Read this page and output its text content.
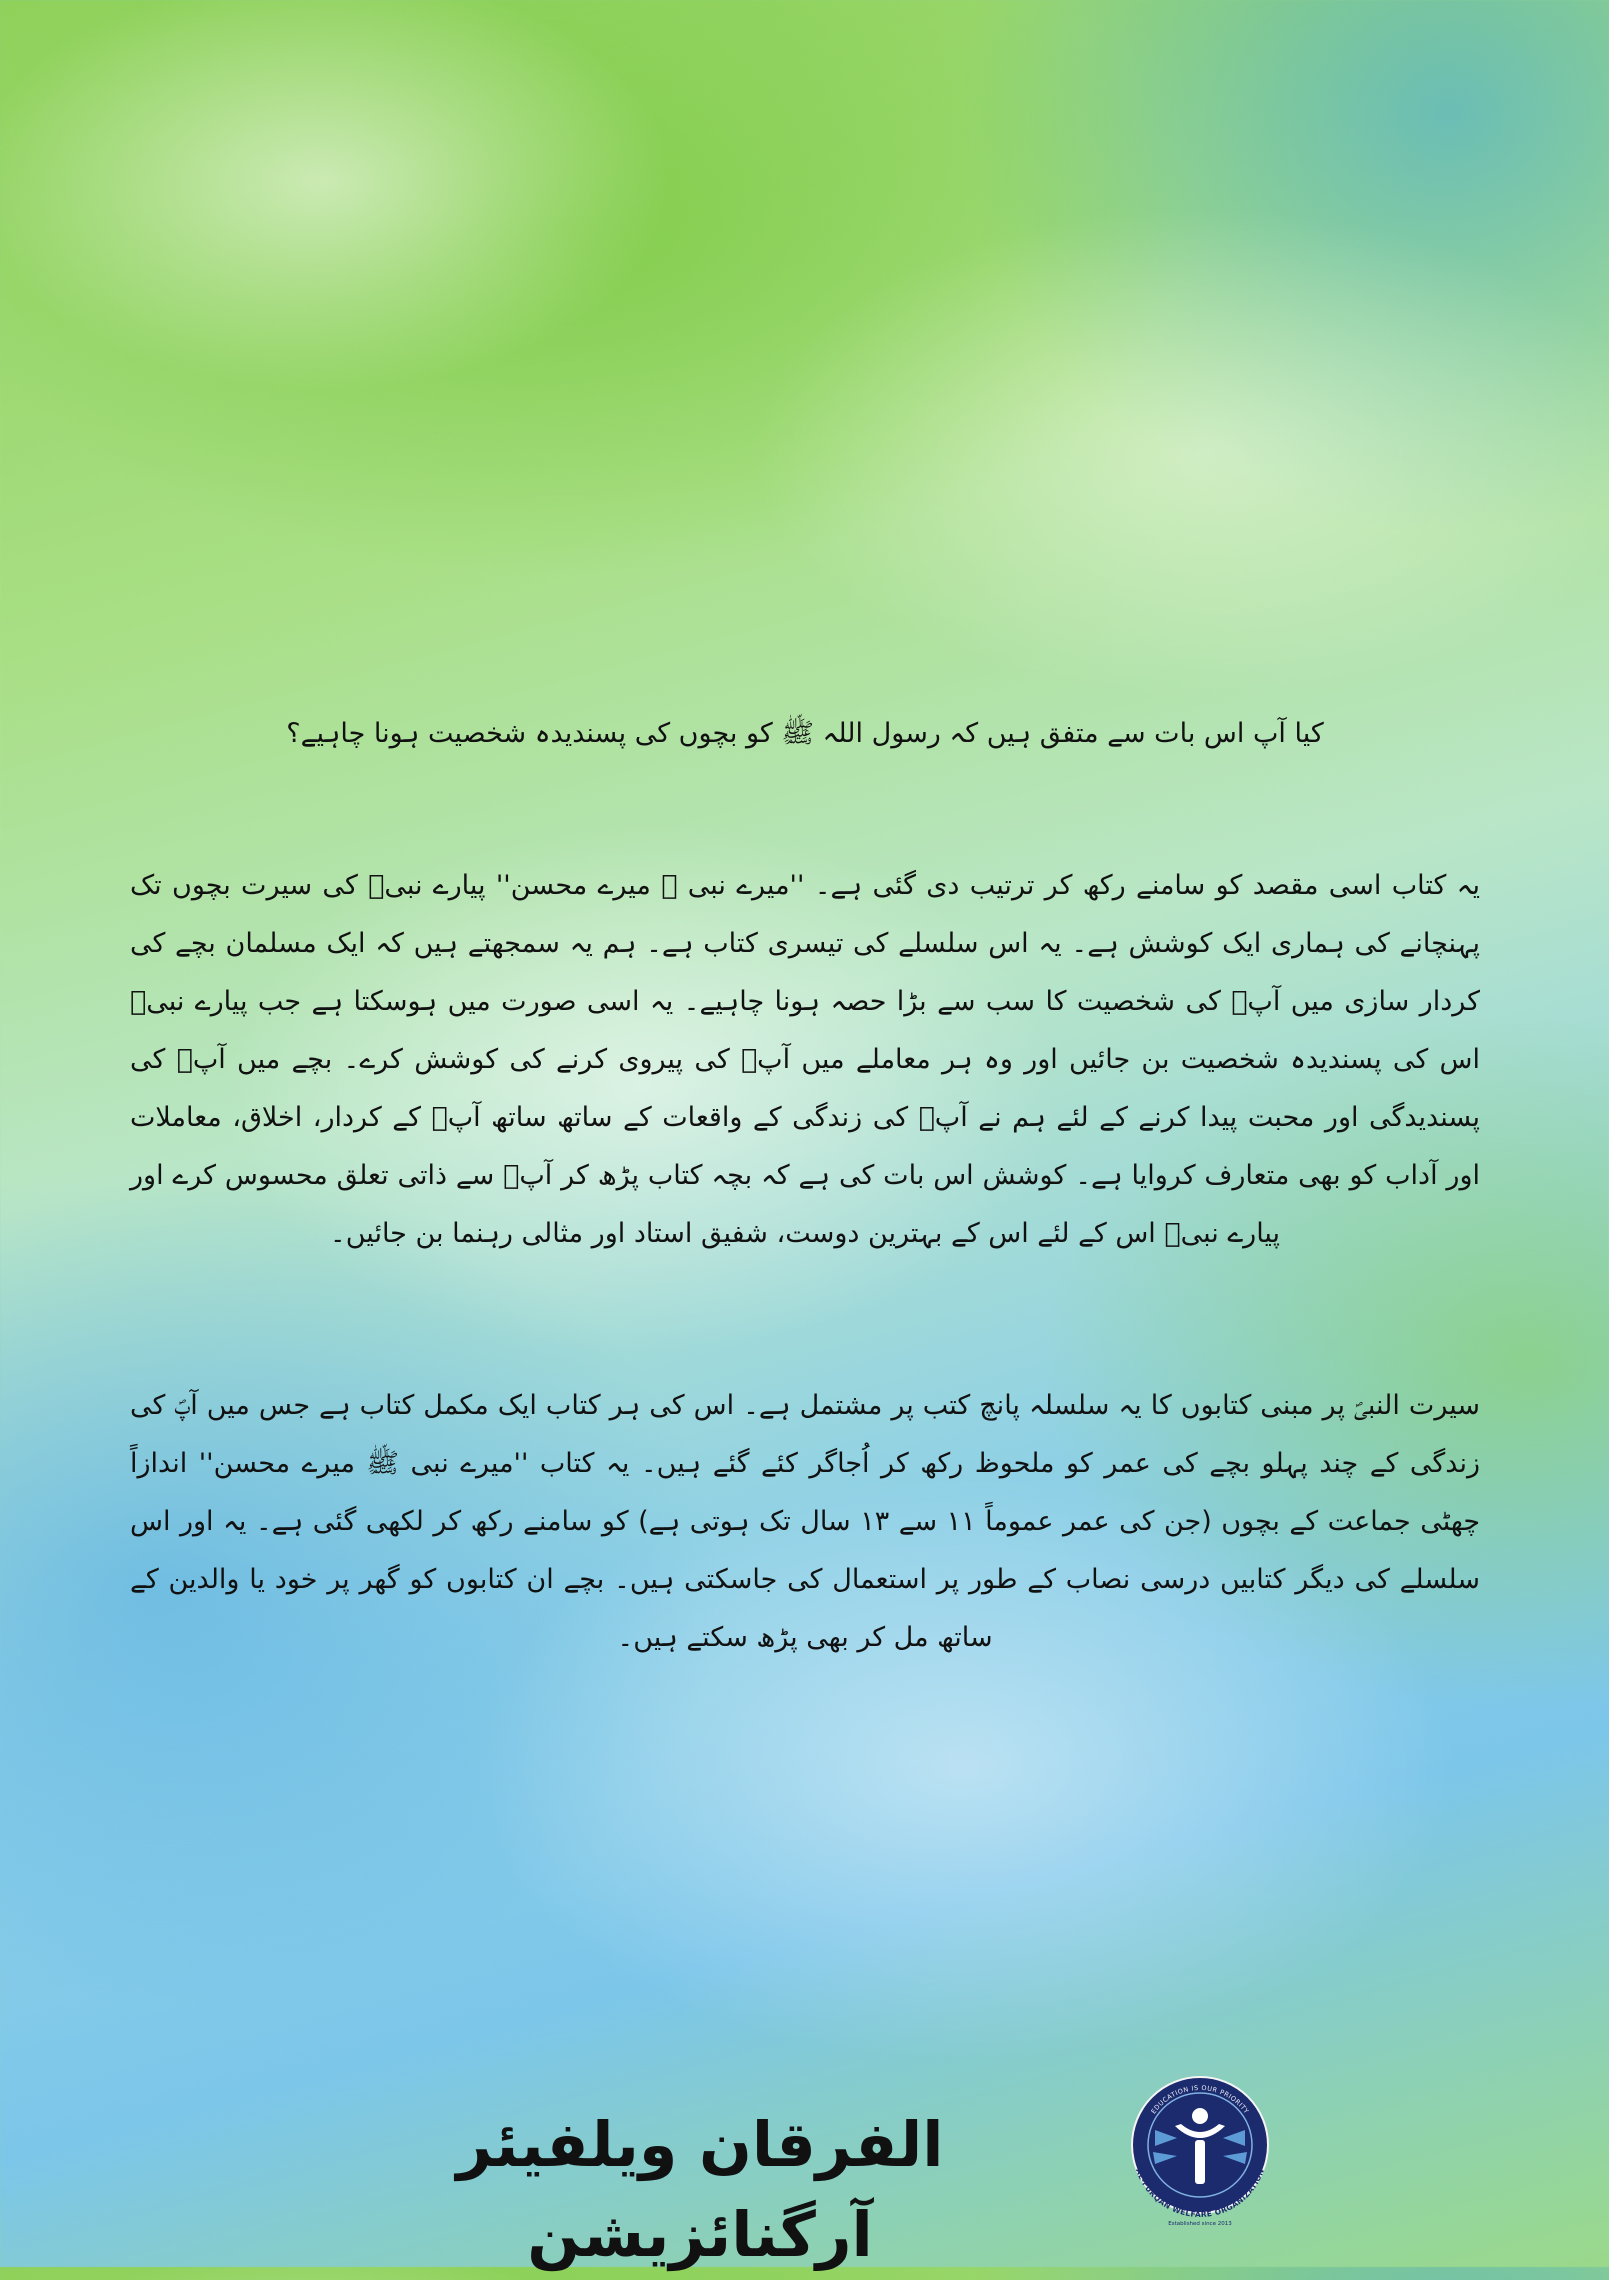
کیا آپ اس بات سے متفق ہیں کہ رسول اللہ ﷺ کو بچوں کی پسندیدہ شخصیت ہونا چاہیے؟

یہ کتاب اسی مقصد کو سامنے رکھ کر ترتیب دی گئی ہے۔ ''میرے نبی ﷺ میرے محسن'' پیارے نبیؐ کی سیرت بچوں تک پہنچانے کی ہماری ایک کوشش ہے۔ یہ اس سلسلے کی تیسری کتاب ہے۔ ہم یہ سمجھتے ہیں کہ ایک مسلمان بچے کی کردار سازی میں آپؐ کی شخصیت کا سب سے بڑا حصہ ہونا چاہیے۔ یہ اسی صورت میں ہوسکتا ہے جب پیارے نبیؐ اس کی پسندیدہ شخصیت بن جائیں اور وہ ہر معاملے میں آپؐ کی پیروی کرنے کی کوشش کرے۔ بچے میں آپؐ کی پسندیدگی اور محبت پیدا کرنے کے لئے ہم نے آپؐ کی زندگی کے واقعات کے ساتھ ساتھ آپؐ کے کردار، اخلاق، معاملات اور آداب کو بھی متعارف کروایا ہے۔ کوشش اس بات کی ہے کہ بچہ کتاب پڑھ کر آپؐ سے ذاتی تعلق محسوس کرے اور پیارے نبیؐ اس کے لئے اس کے بہترین دوست، شفیق استاد اور مثالی رہنما بن جائیں۔

سیرت النبیؐ پر مبنی کتابوں کا یہ سلسلہ پانچ کتب پر مشتمل ہے۔ اس کی ہر کتاب ایک مکمل کتاب ہے جس میں آپؐ کی زندگی کے چند پہلو بچے کی عمر کو ملحوظ رکھ کر اُجاگر کئے گئے ہیں۔ یہ کتاب ''میرے نبی ﷺ میرے محسن'' اندازاً چھٹی جماعت کے بچوں (جن کی عمر عموماً ۱۱ سے ۱۳ سال تک ہوتی ہے) کو سامنے رکھ کر لکھی گئی ہے۔ یہ اور اس سلسلے کی دیگر کتابیں درسی نصاب کے طور پر استعمال کی جاسکتی ہیں۔ بچے ان کتابوں کو گھر پر خود یا والدین کے ساتھ مل کر بھی پڑھ سکتے ہیں۔

الفرقان ویلفیئر آرگنائزیشن
EDUCATION IS OUR PRIORITY
AL-FURQAN WELFARE ORGANIZATION
Established since 2013
